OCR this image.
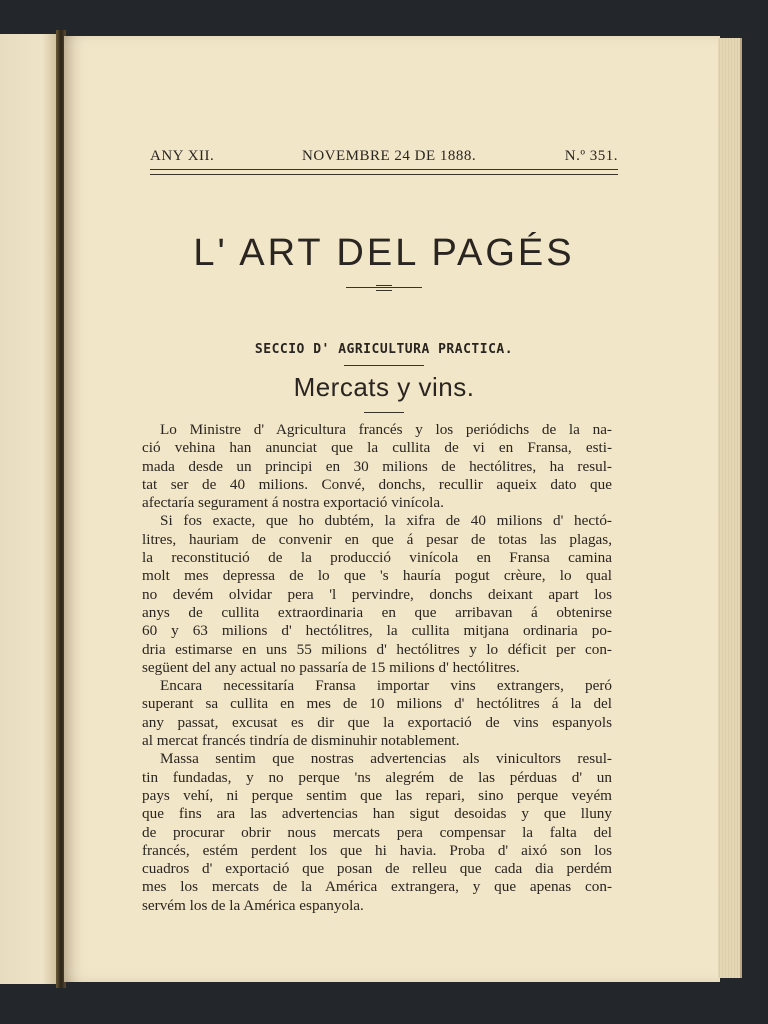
ANY XII.	NOVEMBRE 24 DE 1888.	N.º 351.
L' ART DEL PAGÉS
SECCIO D' AGRICULTURA PRACTICA.
Mercats y vins.
Lo Ministre d' Agricultura francés y los periódichs de la na-
ció vehina han anunciat que la cullita de vi en Fransa, esti-
mada desde un principi en 30 milions de hectólitres, ha resul-
tat ser de 40 milions. Convé, donchs, recullir aqueix dato que
afectaría segurament á nostra exportació vinícola.
Si fos exacte, que ho dubtém, la xifra de 40 milions d' hectó-
litres, hauriam de convenir en que á pesar de totas las plagas,
la reconstitució de la producció vinícola en Fransa camina
molt mes depressa de lo que 's hauría pogut crèure, lo qual
no devém olvidar pera 'l pervindre, donchs deixant apart los
anys de cullita extraordinaria en que arribavan á obtenirse
60 y 63 milions d' hectólitres, la cullita mitjana ordinaria po-
dria estimarse en uns 55 milions d' hectólitres y lo déficit per con-
següent del any actual no passaría de 15 milions d' hectólitres.
Encara necessitaría Fransa importar vins extrangers, peró
superant sa cullita en mes de 10 milions d' hectólitres á la del
any passat, excusat es dir que la exportació de vins espanyols
al mercat francés tindría de disminuhir notablement.
Massa sentim que nostras advertencias als vinicultors resul-
tin fundadas, y no perque 'ns alegrém de las pérduas d' un
pays vehí, ni perque sentim que las repari, sino perque veyém
que fins ara las advertencias han sigut desoidas y que lluny
de procurar obrir nous mercats pera compensar la falta del
francés, estém perdent los que hi havia. Proba d' aixó son los
cuadros d' exportació que posan de relleu que cada dia perdém
mes los mercats de la América extrangera, y que apenas con-
servém los de la América espanyola.
